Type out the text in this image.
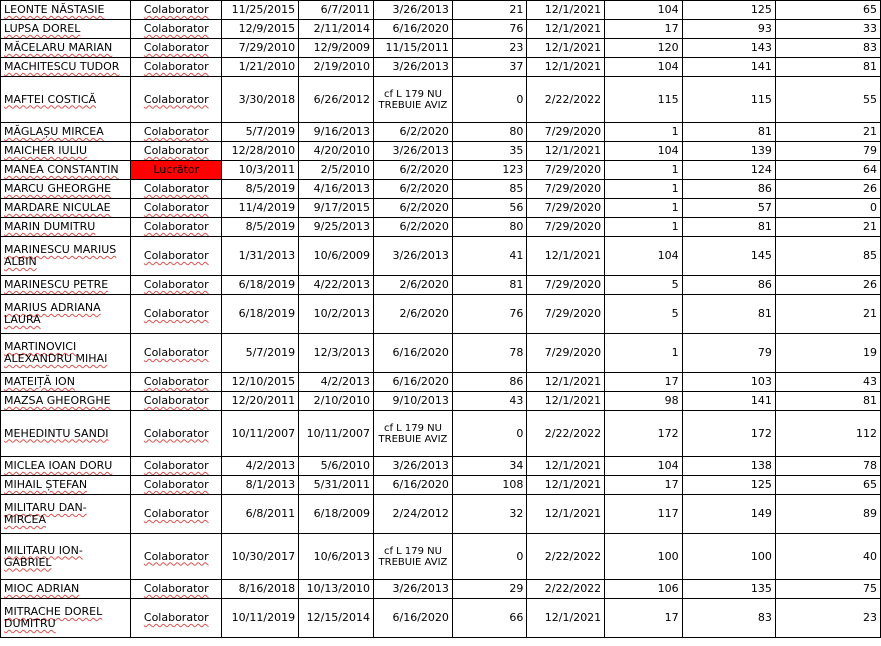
LEONTE NĂSTASIE	Colaborator	11/25/2015	6/7/2011	3/26/2013	21	12/1/2021	104	125	65
LUPSA DOREL	Colaborator	12/9/2015	2/11/2014	6/16/2020	76	12/1/2021	17	93	33
MĂCELARU MARIAN	Colaborator	7/29/2010	12/9/2009	11/15/2011	23	12/1/2021	120	143	83
MACHITESCU TUDOR	Colaborator	1/21/2010	2/19/2010	3/26/2013	37	12/1/2021	104	141	81
MAFTEI COSTICĂ	Colaborator	3/30/2018	6/26/2012	cf L 179 NU TREBUIE AVIZ	0	2/22/2022	115	115	55
MĂGLAȘU MIRCEA	Colaborator	5/7/2019	9/16/2013	6/2/2020	80	7/29/2020	1	81	21
MAICHER IULIU	Colaborator	12/28/2010	4/20/2010	3/26/2013	35	12/1/2021	104	139	79
MANEA CONSTANTIN	Lucrător	10/3/2011	2/5/2010	6/2/2020	123	7/29/2020	1	124	64
MARCU GHEORGHE	Colaborator	8/5/2019	4/16/2013	6/2/2020	85	7/29/2020	1	86	26
MARDARE NICULAE	Colaborator	11/4/2019	9/17/2015	6/2/2020	56	7/29/2020	1	57	0
MARIN DUMITRU	Colaborator	8/5/2019	9/25/2013	6/2/2020	80	7/29/2020	1	81	21
MARINESCU MARIUS ALBIN	Colaborator	1/31/2013	10/6/2009	3/26/2013	41	12/1/2021	104	145	85
MARINESCU PETRE	Colaborator	6/18/2019	4/22/2013	2/6/2020	81	7/29/2020	5	86	26
MARIUS ADRIANA LAURA	Colaborator	6/18/2019	10/2/2013	2/6/2020	76	7/29/2020	5	81	21
MARTINOVICI ALEXANDRU MIHAI	Colaborator	5/7/2019	12/3/2013	6/16/2020	78	7/29/2020	1	79	19
MATEIȚĂ ION	Colaborator	12/10/2015	4/2/2013	6/16/2020	86	12/1/2021	17	103	43
MAZSA GHEORGHE	Colaborator	12/20/2011	2/10/2010	9/10/2013	43	12/1/2021	98	141	81
MEHEDINTU SANDI	Colaborator	10/11/2007	10/11/2007	cf L 179 NU TREBUIE AVIZ	0	2/22/2022	172	172	112
MICLEA IOAN DORU	Colaborator	4/2/2013	5/6/2010	3/26/2013	34	12/1/2021	104	138	78
MIHAIL ȘTEFAN	Colaborator	8/1/2013	5/31/2011	6/16/2020	108	12/1/2021	17	125	65
MILITARU DAN-MIRCEA	Colaborator	6/8/2011	6/18/2009	2/24/2012	32	12/1/2021	117	149	89
MILITARU ION-GABRIEL	Colaborator	10/30/2017	10/6/2013	cf L 179 NU TREBUIE AVIZ	0	2/22/2022	100	100	40
MIOC ADRIAN	Colaborator	8/16/2018	10/13/2010	3/26/2013	29	2/22/2022	106	135	75
MITRACHE DOREL DUMITRU	Colaborator	10/11/2019	12/15/2014	6/16/2020	66	12/1/2021	17	83	23
